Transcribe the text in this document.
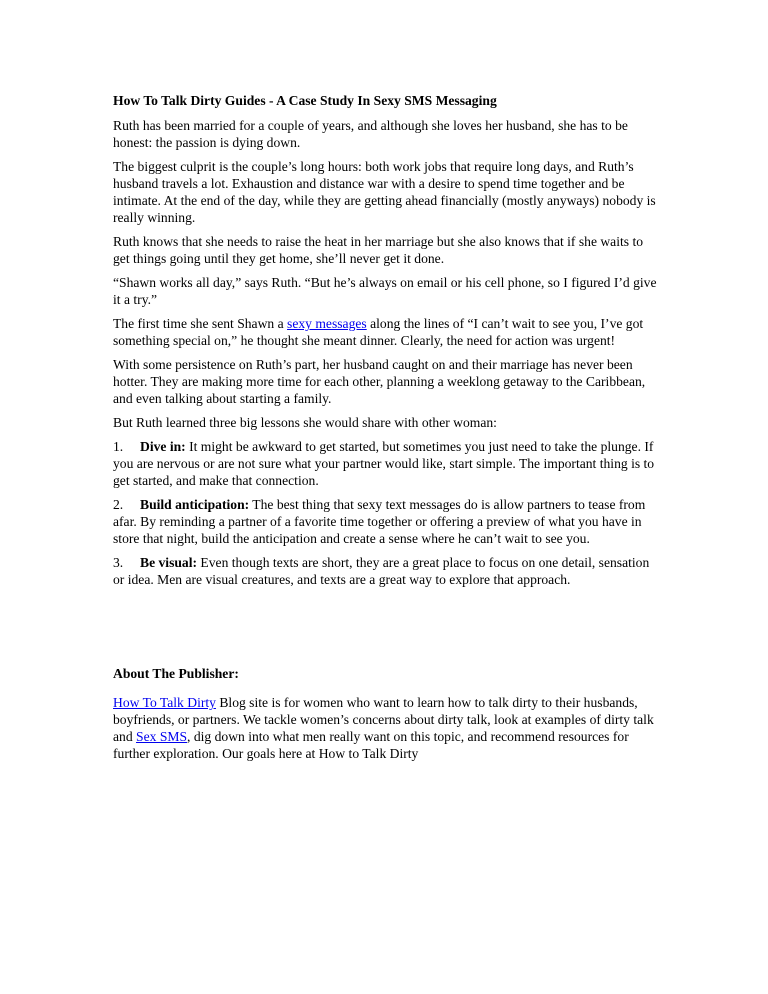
How To Talk Dirty Guides - A Case Study In Sexy SMS Messaging

Ruth has been married for a couple of years, and although she loves her husband, she has to be honest: the passion is dying down.

The biggest culprit is the couple’s long hours: both work jobs that require long days, and Ruth’s husband travels a lot. Exhaustion and distance war with a desire to spend time together and be intimate. At the end of the day, while they are getting ahead financially (mostly anyways) nobody is really winning.

Ruth knows that she needs to raise the heat in her marriage but she also knows that if she waits to get things going until they get home, she’ll never get it done.

“Shawn works all day,” says Ruth. “But he’s always on email or his cell phone, so I figured I’d give it a try.”

The first time she sent Shawn a sexy messages along the lines of “I can’t wait to see you, I’ve got something special on,” he thought she meant dinner. Clearly, the need for action was urgent!

With some persistence on Ruth’s part, her husband caught on and their marriage has never been hotter. They are making more time for each other, planning a weeklong getaway to the Caribbean, and even talking about starting a family.

But Ruth learned three big lessons she would share with other woman:

1. Dive in: It might be awkward to get started, but sometimes you just need to take the plunge. If you are nervous or are not sure what your partner would like, start simple. The important thing is to get started, and make that connection.

2. Build anticipation: The best thing that sexy text messages do is allow partners to tease from afar. By reminding a partner of a favorite time together or offering a preview of what you have in store that night, build the anticipation and create a sense where he can’t wait to see you.

3. Be visual: Even though texts are short, they are a great place to focus on one detail, sensation or idea. Men are visual creatures, and texts are a great way to explore that approach.

About The Publisher:

How To Talk Dirty Blog site is for women who want to learn how to talk dirty to their husbands, boyfriends, or partners. We tackle women’s concerns about dirty talk, look at examples of dirty talk and Sex SMS, dig down into what men really want on this topic, and recommend resources for further exploration. Our goals here at How to Talk Dirty
